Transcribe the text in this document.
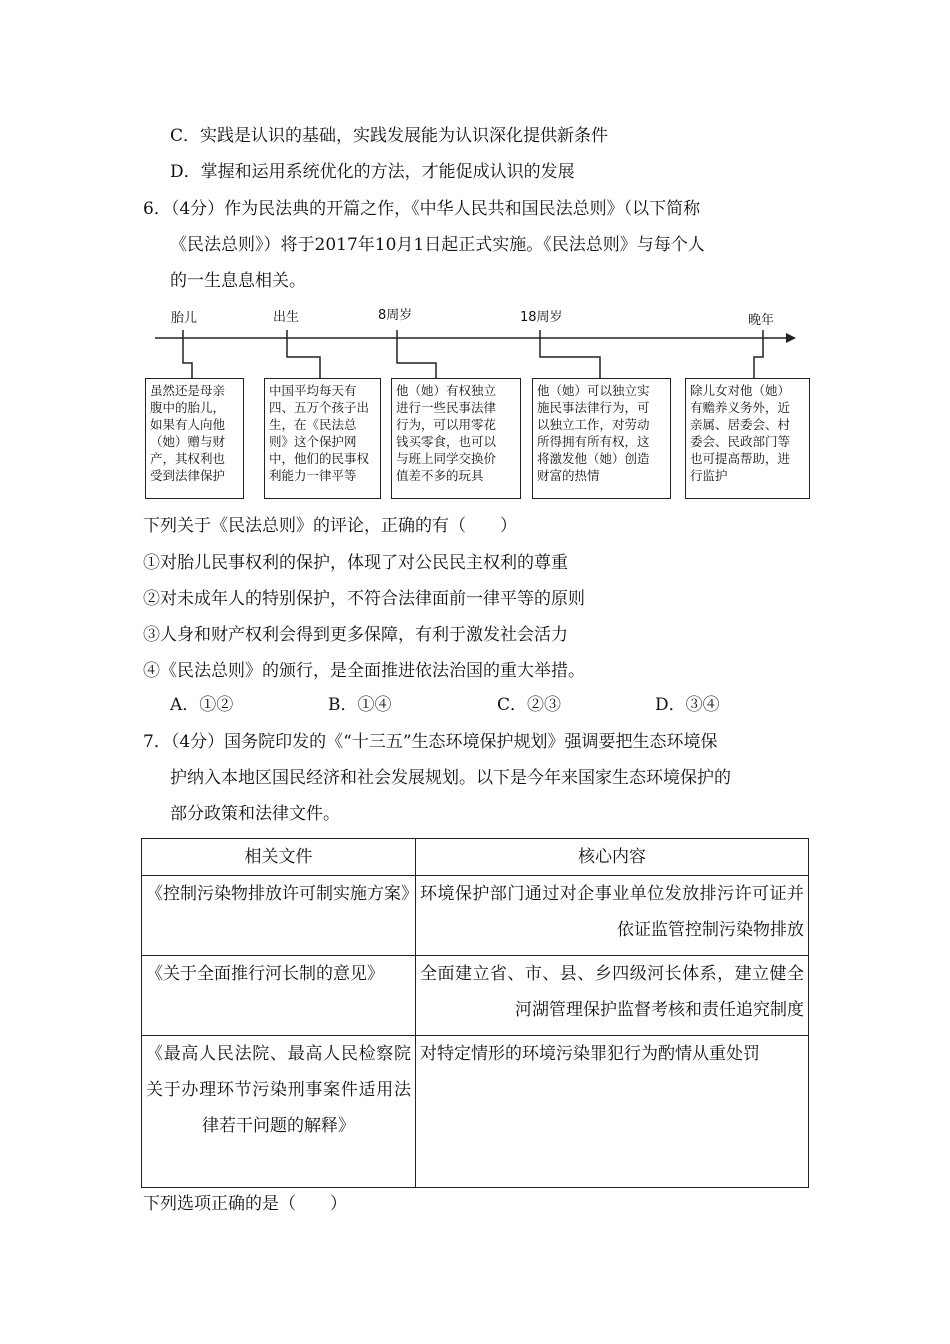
C．实践是认识的基础，实践发展能为认识深化提供新条件
D．掌握和运用系统优化的方法，才能促成认识的发展
6．（4分）作为民法典的开篇之作，《中华人民共和国民法总则》（以下简称
《民法总则》）将于2017年10月1日起正式实施。《民法总则》与每个人
的一生息息相关。
胎儿	出生	8周岁	18周岁	晚年
虽然还是母亲
腹中的胎儿，
如果有人向他
（她）赠与财
产，其权利也
受到法律保护
中国平均每天有
四、五万个孩子出
生，在《民法总
则》这个保护网
中，他们的民事权
利能力一律平等
他（她）有权独立
进行一些民事法律
行为，可以用零花
钱买零食，也可以
与班上同学交换价
值差不多的玩具
他（她）可以独立实
施民事法律行为，可
以独立工作，对劳动
所得拥有所有权，这
将激发他（她）创造
财富的热情
除儿女对他（她）
有赡养义务外，近
亲属、居委会、村
委会、民政部门等
也可提高帮助，进
行监护
下列关于《民法总则》的评论，正确的有（　　）
①对胎儿民事权利的保护，体现了对公民民主权利的尊重
②对未成年人的特别保护，不符合法律面前一律平等的原则
③人身和财产权利会得到更多保障，有利于激发社会活力
④《民法总则》的颁行，是全面推进依法治国的重大举措。
A．①②	B．①④	C．②③	D．③④
7．（4分）国务院印发的《“十三五”生态环境保护规划》强调要把生态环境保
护纳入本地区国民经济和社会发展规划。以下是今年来国家生态环境保护的
部分政策和法律文件。
相关文件	核心内容

《控制污染物排放许可制实施方案》	环境保护部门通过对企事业单位发放排污许可证并依证监管控制污染物排放

《关于全面推行河长制的意见》	全面建立省、市、县、乡四级河长体系，建立健全河湖管理保护监督考核和责任追究制度

《最高人民法院、最高人民检察院关于办理环节污染刑事案件适用法律若干问题的解释》	对特定情形的环境污染罪犯行为酌情从重处罚
下列选项正确的是（　　）
